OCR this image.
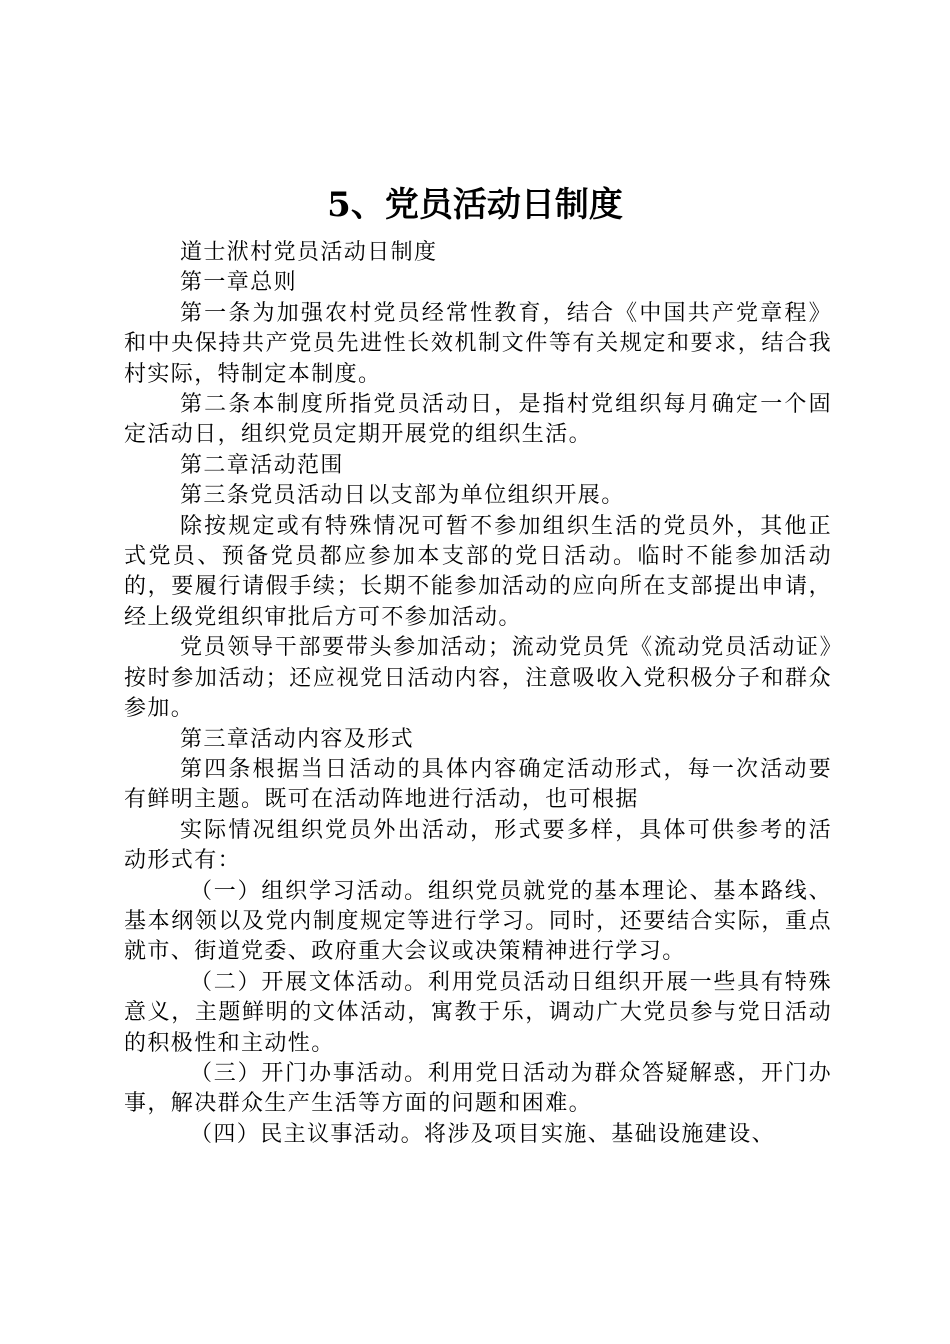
5、党员活动日制度

道士洑村党员活动日制度

第一章总则

第一条为加强农村党员经常性教育，结合《中国共产党章程》和中央保持共产党员先进性长效机制文件等有关规定和要求，结合我村实际，特制定本制度。

第二条本制度所指党员活动日，是指村党组织每月确定一个固定活动日，组织党员定期开展党的组织生活。

第二章活动范围

第三条党员活动日以支部为单位组织开展。

除按规定或有特殊情况可暂不参加组织生活的党员外，其他正式党员、预备党员都应参加本支部的党日活动。临时不能参加活动的，要履行请假手续；长期不能参加活动的应向所在支部提出申请，经上级党组织审批后方可不参加活动。

党员领导干部要带头参加活动；流动党员凭《流动党员活动证》按时参加活动；还应视党日活动内容，注意吸收入党积极分子和群众参加。

第三章活动内容及形式

第四条根据当日活动的具体内容确定活动形式，每一次活动要有鲜明主题。既可在活动阵地进行活动，也可根据

实际情况组织党员外出活动，形式要多样，具体可供参考的活动形式有：

（一）组织学习活动。组织党员就党的基本理论、基本路线、基本纲领以及党内制度规定等进行学习。同时，还要结合实际，重点就市、街道党委、政府重大会议或决策精神进行学习。

（二）开展文体活动。利用党员活动日组织开展一些具有特殊意义，主题鲜明的文体活动，寓教于乐，调动广大党员参与党日活动的积极性和主动性。

（三）开门办事活动。利用党日活动为群众答疑解惑，开门办事，解决群众生产生活等方面的问题和困难。

（四）民主议事活动。将涉及项目实施、基础设施建设、
